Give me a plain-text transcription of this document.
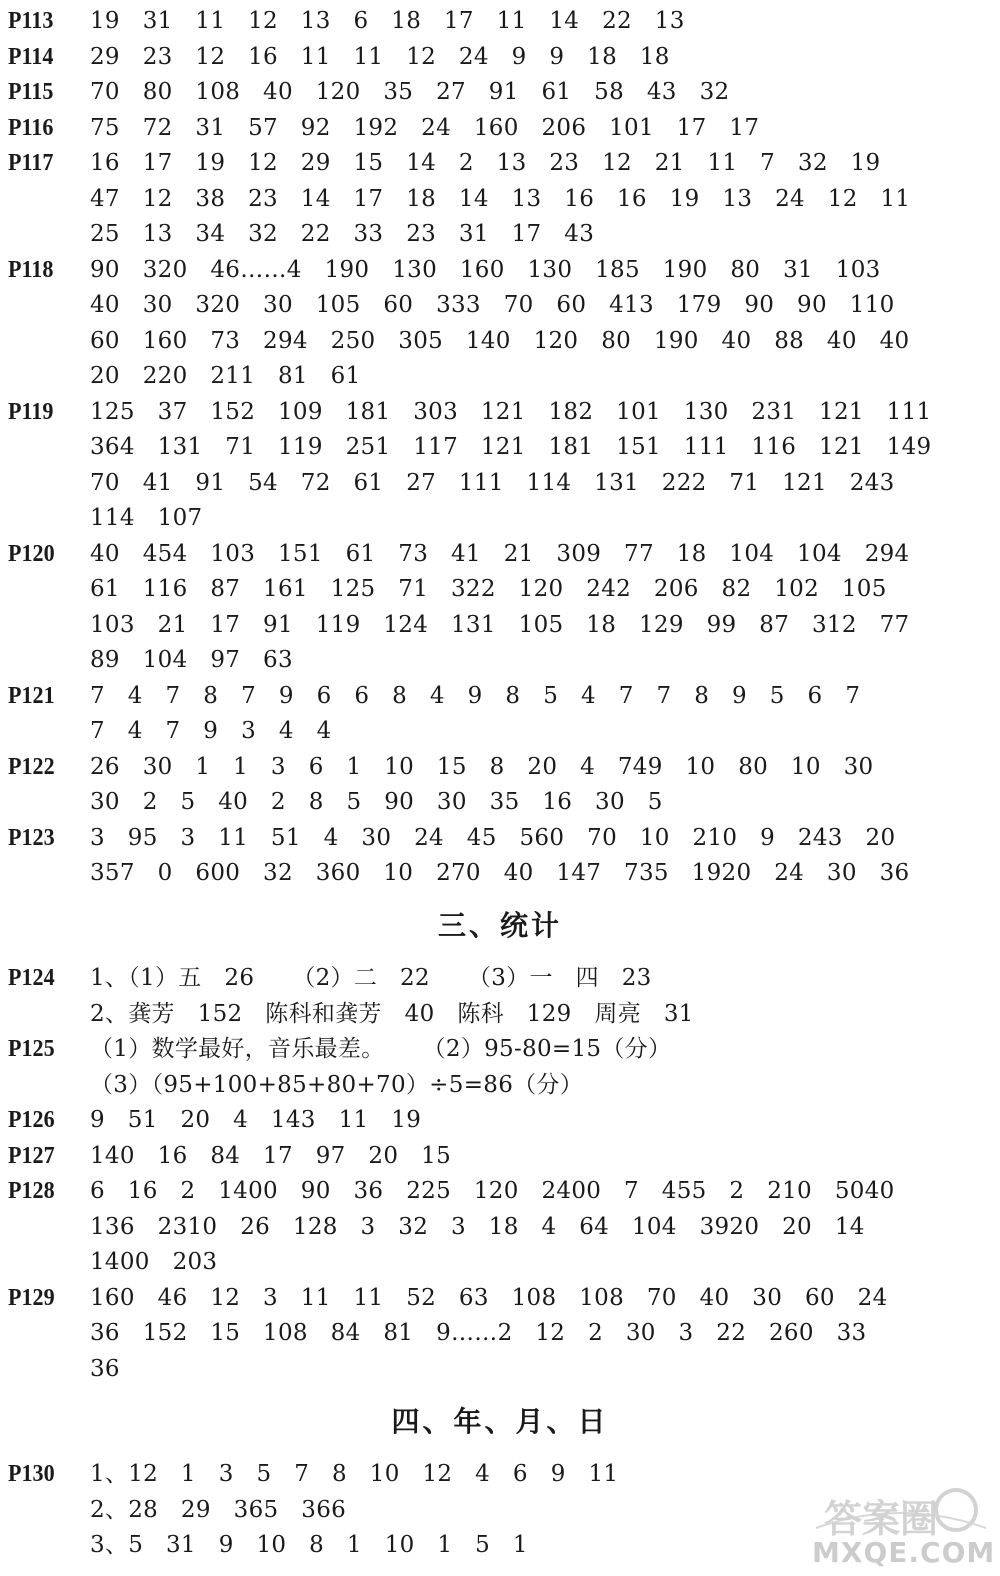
三、统计
四、年、月、日
答案圈
MXQE.COM
P113	19   31   11   12   13   6   18   17   11   14   22   13
P114	29   23   12   16   11   11   12   24   9   9   18   18
P115	70   80   108   40   120   35   27   91   61   58   43   32
P116	75   72   31   57   92   192   24   160   206   101   17   17
P117	16   17   19   12   29   15   14   2   13   23   12   21   11   7   32   19
47   12   38   23   14   17   18   14   13   16   16   19   13   24   12   11
25   13   34   32   22   33   23   31   17   43
P118	90   320   46……4   190   130   160   130   185   190   80   31   103
40   30   320   30   105   60   333   70   60   413   179   90   90   110
60   160   73   294   250   305   140   120   80   190   40   88   40   40
20   220   211   81   61
P119	125   37   152   109   181   303   121   182   101   130   231   121   111
364   131   71   119   251   117   121   181   151   111   116   121   149
70   41   91   54   72   61   27   111   114   131   222   71   121   243
114   107
P120	40   454   103   151   61   73   41   21   309   77   18   104   104   294
61   116   87   161   125   71   322   120   242   206   82   102   105
103   21   17   91   119   124   131   105   18   129   99   87   312   77
89   104   97   63
P121	7   4   7   8   7   9   6   6   8   4   9   8   5   4   7   7   8   9   5   6   7
7   4   7   9   3   4   4
P122	26   30   1   1   3   6   1   10   15   8   20   4   749   10   80   10   30
30   2   5   40   2   8   5   90   30   35   16   30   5
P123	3   95   3   11   51   4   30   24   45   560   70   10   210   9   243   20
357   0   600   32   360   10   270   40   147   735   1920   24   30   36
P124	1、（1）五   26     （2）二   22     （3）一   四   23
2、龚芳   152   陈科和龚芳   40   陈科   129   周亮   31
P125	（1）数学最好，音乐最差。     （2）95-80=15（分）
（3）（95+100+85+80+70）÷5=86（分）
P126	9   51   20   4   143   11   19
P127	140   16   84   17   97   20   15
P128	6   16   2   1400   90   36   225   120   2400   7   455   2   210   5040
136   2310   26   128   3   32   3   18   4   64   104   3920   20   14
1400   203
P129	160   46   12   3   11   11   52   63   108   108   70   40   30   60   24
36   152   15   108   84   81   9……2   12   2   30   3   22   260   33
36
P130	1、12   1   3   5   7   8   10   12   4   6   9   11
2、28   29   365   366
3、5   31   9   10   8   1   10   1   5   1
